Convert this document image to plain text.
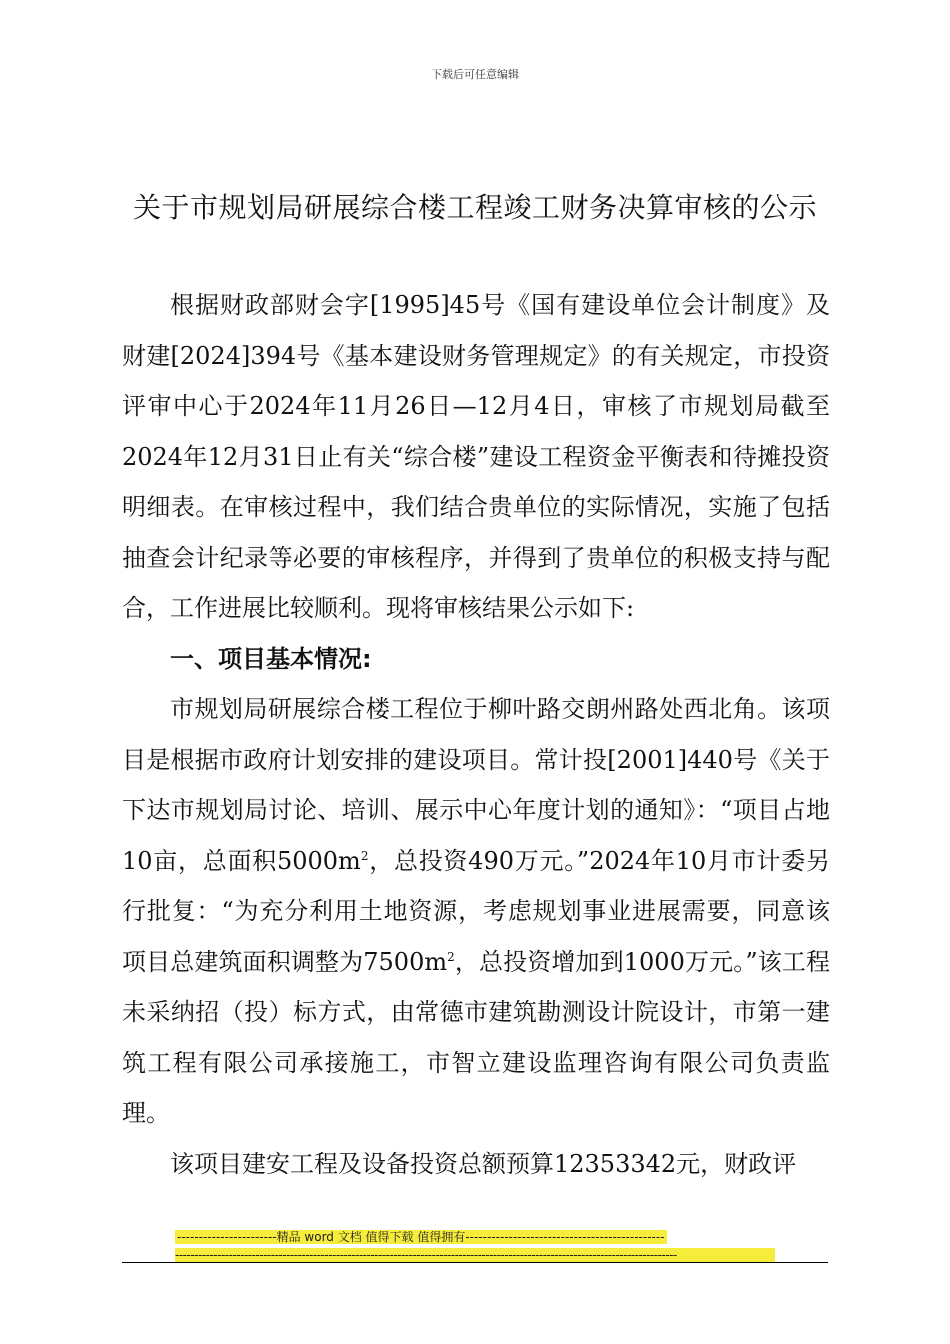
下载后可任意编辑
关于市规划局研展综合楼工程竣工财务决算审核的公示

根据财政部财会字[1995]45号《国有建设单位会计制度》及财建[2024]394号《基本建设财务管理规定》的有关规定，市投资评审中心于2024年11月26日—12月4日，审核了市规划局截至2024年12月31日止有关“综合楼”建设工程资金平衡表和待摊投资明细表。在审核过程中，我们结合贵单位的实际情况，实施了包括抽查会计纪录等必要的审核程序，并得到了贵单位的积极支持与配合，工作进展比较顺利。现将审核结果公示如下:

一、项目基本情况:

市规划局研展综合楼工程位于柳叶路交朗州路处西北角。该项目是根据市政府计划安排的建设项目。常计投[2001]440号《关于下达市规划局讨论、培训、展示中心年度计划的通知》：“项目占地10亩，总面积$5000m^2$，总投资490万元。”2024年10月市计委另行批复：“为充分利用土地资源，考虑规划事业进展需要，同意该项目总建筑面积调整为$7500m^2$，总投资增加到1000万元。”该工程未采纳招（投）标方式，由常德市建筑勘测设计院设计，市第一建筑工程有限公司承接施工，市智立建设监理咨询有限公司负责监理。

该项目建安工程及设备投资总额预算12353342元，财政评

-----------------------精品 word 文档 值得下载 值得拥有----------------------------------------------
-----------------------------------------------------------------------------------------------------------------------------------
